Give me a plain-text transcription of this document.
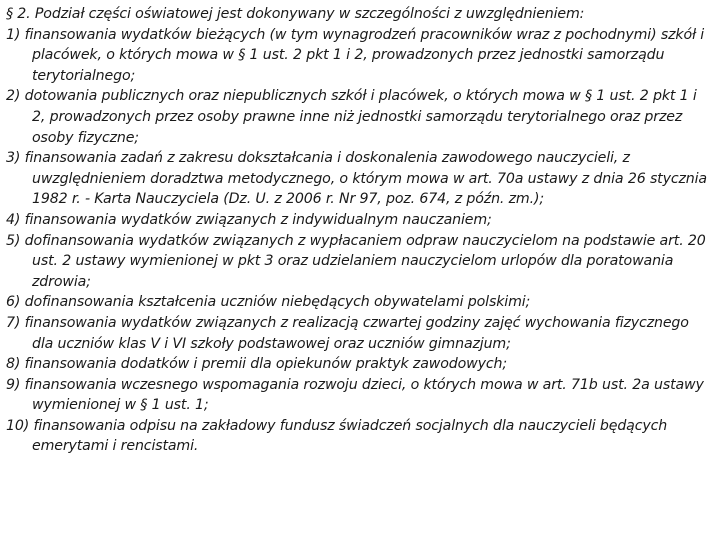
§ 2. Podział części oświatowej jest dokonywany w szczególności z uwzględnieniem:

1) finansowania wydatków bieżących (w tym wynagrodzeń pracowników wraz z pochodnymi) szkół i placówek, o których mowa w § 1 ust. 2 pkt 1 i 2, prowadzonych przez jednostki samorządu terytorialnego;

2) dotowania publicznych oraz niepublicznych szkół i placówek, o których mowa w § 1 ust. 2 pkt 1 i 2, prowadzonych przez osoby prawne inne niż jednostki samorządu terytorialnego oraz przez osoby fizyczne;

3) finansowania zadań z zakresu dokształcania i doskonalenia zawodowego nauczycieli, z uwzględnieniem doradztwa metodycznego, o którym mowa w art. 70a ustawy z dnia 26 stycznia 1982 r. - Karta Nauczyciela (Dz. U. z 2006 r. Nr 97, poz. 674, z późn. zm.);

4) finansowania wydatków związanych z indywidualnym nauczaniem;

5) dofinansowania wydatków związanych z wypłacaniem odpraw nauczycielom na podstawie art. 20 ust. 2 ustawy wymienionej w pkt 3 oraz udzielaniem nauczycielom urlopów dla poratowania zdrowia;

6) dofinansowania kształcenia uczniów niebędących obywatelami polskimi;

7) finansowania wydatków związanych z realizacją czwartej godziny zajęć wychowania fizycznego dla uczniów klas V i VI szkoły podstawowej oraz uczniów gimnazjum;

8) finansowania dodatków i premii dla opiekunów praktyk zawodowych;

9) finansowania wczesnego wspomagania rozwoju dzieci, o których mowa w art. 71b ust. 2a ustawy wymienionej w § 1 ust. 1;

10) finansowania odpisu na zakładowy fundusz świadczeń socjalnych dla nauczycieli będących emerytami i rencistami.
